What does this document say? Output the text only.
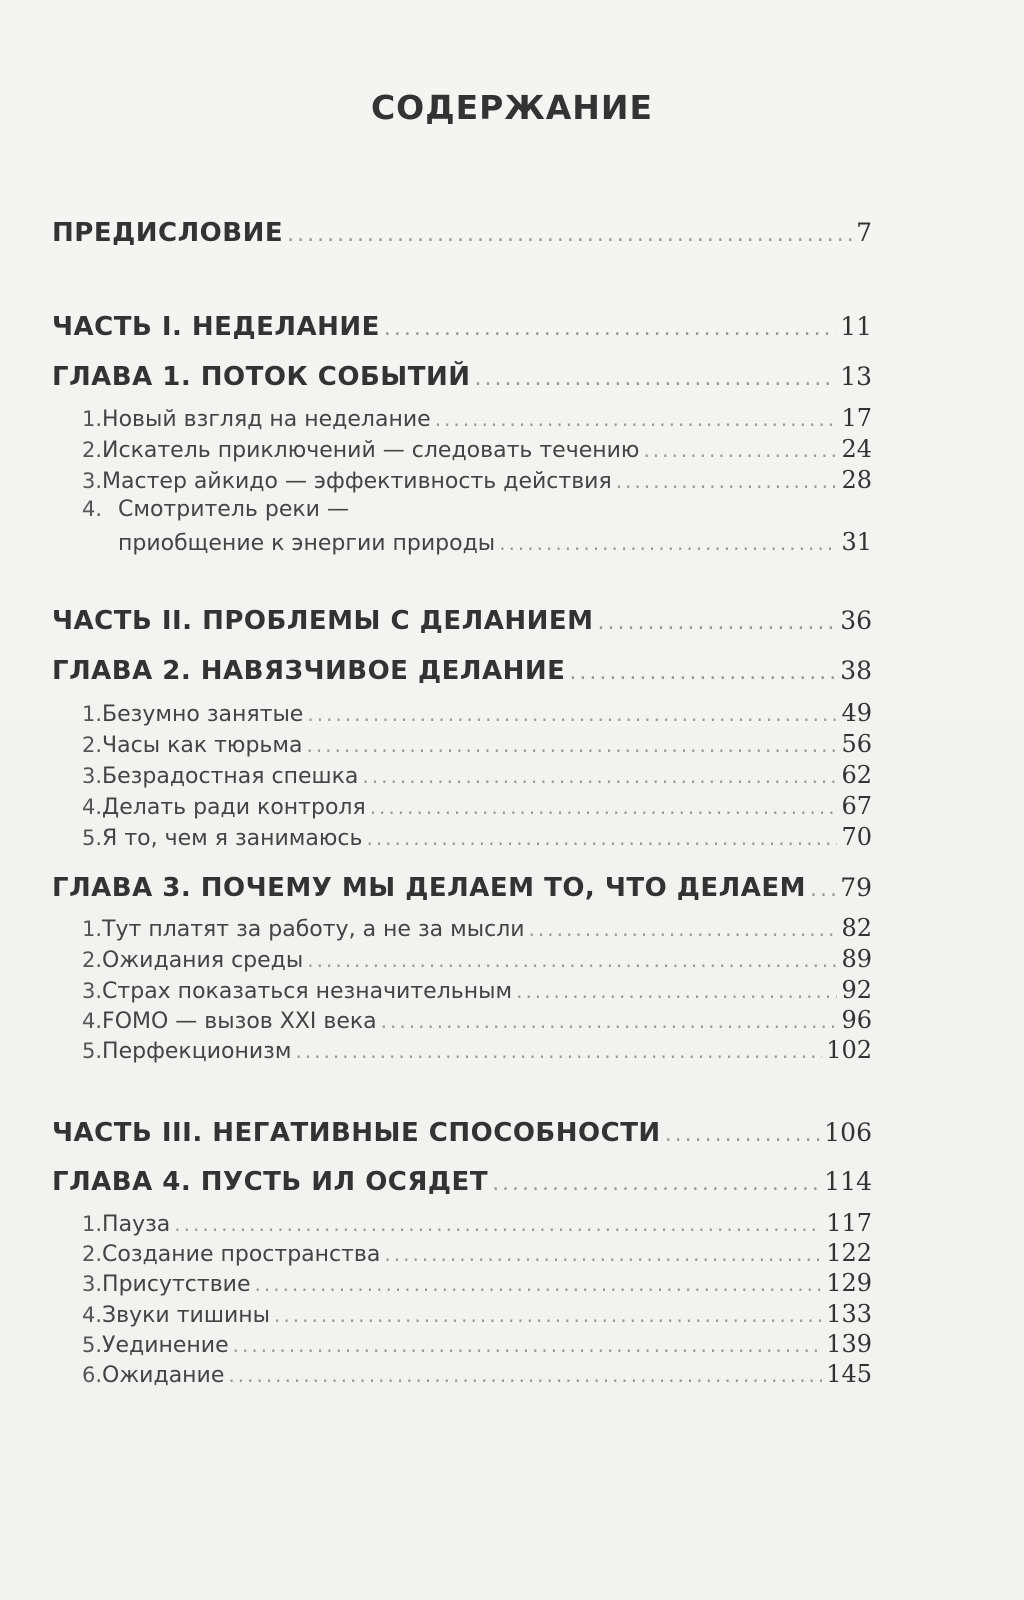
СОДЕРЖАНИЕ
ПРЕДИСЛОВИЕ .....	7
ЧАСТЬ I. НЕДЕЛАНИЕ .....	11
ГЛАВА 1. ПОТОК СОБЫТИЙ .....	13
1. Новый взгляд на неделание .....	17
2. Искатель приключений — следовать течению .....	24
3. Мастер айкидо — эффективность действия .....	28
4. Смотритель реки —
приобщение к энергии природы .....	31
ЧАСТЬ II. ПРОБЛЕМЫ С ДЕЛАНИЕМ .....	36
ГЛАВА 2. НАВЯЗЧИВОЕ ДЕЛАНИЕ .....	38
1. Безумно занятые .....	49
2. Часы как тюрьма .....	56
3. Безрадостная спешка .....	62
4. Делать ради контроля .....	67
5. Я то, чем я занимаюсь .....	70
ГЛАВА 3. ПОЧЕМУ МЫ ДЕЛАЕМ ТО, ЧТО ДЕЛАЕМ ..... 79
1. Тут платят за работу, а не за мысли .....	82
2. Ожидания среды .....	89
3. Страх показаться незначительным .....	92
4. FOMO — вызов XXI века .....	96
5. Перфекционизм .....	102
ЧАСТЬ III. НЕГАТИВНЫЕ СПОСОБНОСТИ .....	106
ГЛАВА 4. ПУСТЬ ИЛ ОСЯДЕТ .....	114
1. Пауза .....	117
2. Создание пространства .....	122
3. Присутствие .....	129
4. Звуки тишины .....	133
5. Уединение .....	139
6. Ожидание .....	145
